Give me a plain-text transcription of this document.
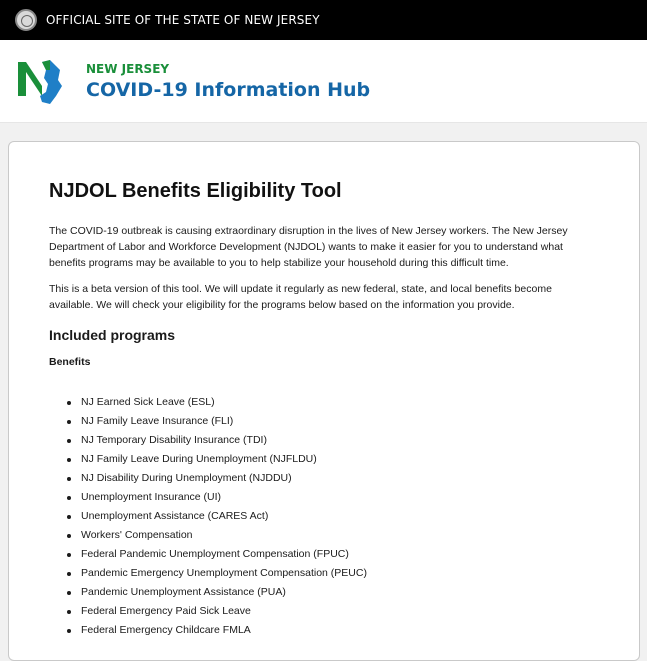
OFFICIAL SITE OF THE STATE OF NEW JERSEY
NEW JERSEY
COVID-19 Information Hub
NJDOL Benefits Eligibility Tool

The COVID-19 outbreak is causing extraordinary disruption in the lives of New Jersey workers. The New Jersey Department of Labor and Workforce Development (NJDOL) wants to make it easier for you to understand what benefits programs may be available to you to help stabilize your household during this difficult time.

This is a beta version of this tool. We will update it regularly as new federal, state, and local benefits become available. We will check your eligibility for the programs below based on the information you provide.

Included programs
Benefits
NJ Earned Sick Leave (ESL)
NJ Family Leave Insurance (FLI)
NJ Temporary Disability Insurance (TDI)
NJ Family Leave During Unemployment (NJFLDU)
NJ Disability During Unemployment (NJDDU)
Unemployment Insurance (UI)
Unemployment Assistance (CARES Act)
Workers' Compensation
Federal Pandemic Unemployment Compensation (FPUC)
Pandemic Emergency Unemployment Compensation (PEUC)
Pandemic Unemployment Assistance (PUA)
Federal Emergency Paid Sick Leave
Federal Emergency Childcare FMLA
